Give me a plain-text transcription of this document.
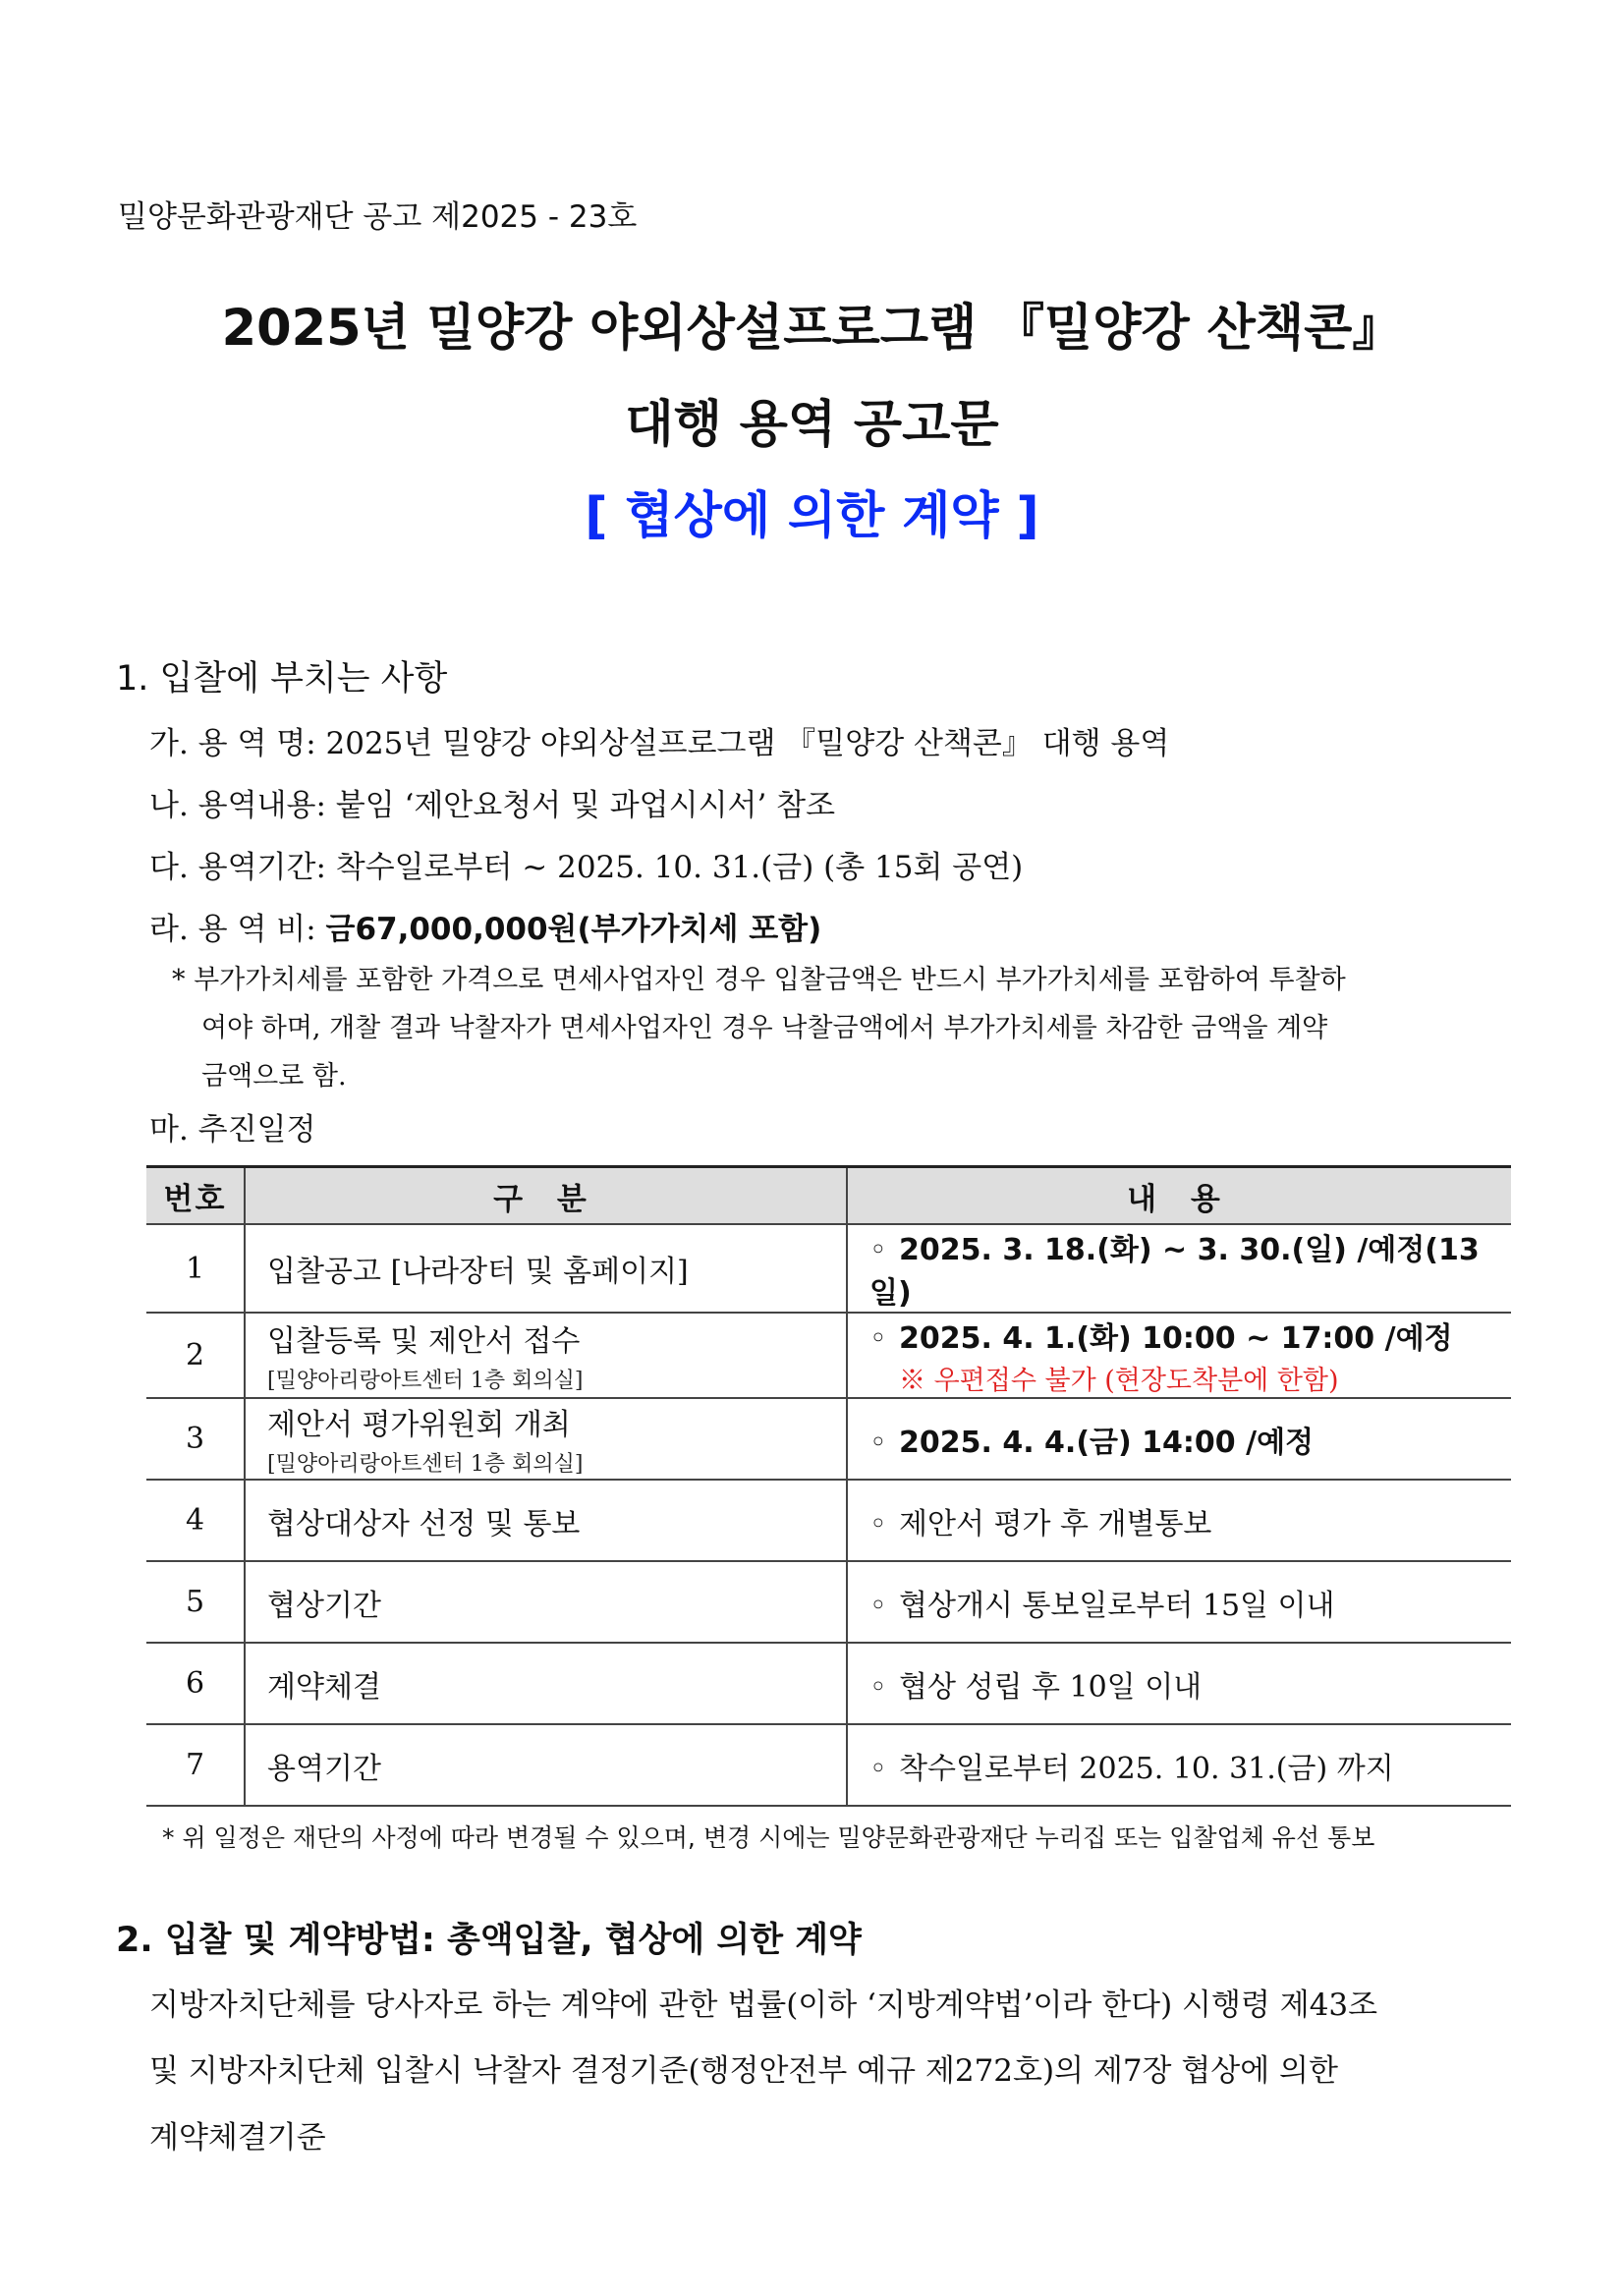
밀양문화관광재단 공고 제2025 - 23호
2025년 밀양강 야외상설프로그램 『밀양강 산책콘』
대행 용역 공고문
[ 협상에 의한 계약 ]
1. 입찰에 부치는 사항
가. 용 역 명: 2025년 밀양강 야외상설프로그램 『밀양강 산책콘』 대행 용역
나. 용역내용: 붙임 ‘제안요청서 및 과업시시서’ 참조
다. 용역기간: 착수일로부터 ~ 2025. 10. 31.(금) (총 15회 공연)
라. 용 역 비: 금67,000,000원(부가가치세 포함)
* 부가가치세를 포함한 가격으로 면세사업자인 경우 입찰금액은 반드시 부가가치세를 포함하여 투찰하
여야 하며, 개찰 결과 낙찰자가 면세사업자인 경우 낙찰금액에서 부가가치세를 차감한 금액을 계약
금액으로 함.
마. 추진일정
번호	구 분	내 용
1	입찰공고 [나라장터 및 홈페이지]	◦ 2025. 3. 18.(화) ~ 3. 30.(일) /예정(13일)
2	입찰등록 및 제안서 접수
[밀양아리랑아트센터 1층 회의실]	◦ 2025. 4. 1.(화) 10:00 ~ 17:00 /예정
※ 우편접수 불가 (현장도착분에 한함)

3	제안서 평가위원회 개최
[밀양아리랑아트센터 1층 회의실]	◦ 2025. 4. 4.(금) 14:00 /예정
4	협상대상자 선정 및 통보	◦ 제안서 평가 후 개별통보
5	협상기간	◦ 협상개시 통보일로부터 15일 이내
6	계약체결	◦ 협상 성립 후 10일 이내
7	용역기간	◦ 착수일로부터 2025. 10. 31.(금) 까지
* 위 일정은 재단의 사정에 따라 변경될 수 있으며, 변경 시에는 밀양문화관광재단 누리집 또는 입찰업체 유선 통보
2. 입찰 및 계약방법: 총액입찰, 협상에 의한 계약
지방자치단체를 당사자로 하는 계약에 관한 법률(이하 ‘지방계약법’이라 한다) 시행령 제43조
및 지방자치단체 입찰시 낙찰자 결정기준(행정안전부 예규 제272호)의 제7장 협상에 의한
계약체결기준
